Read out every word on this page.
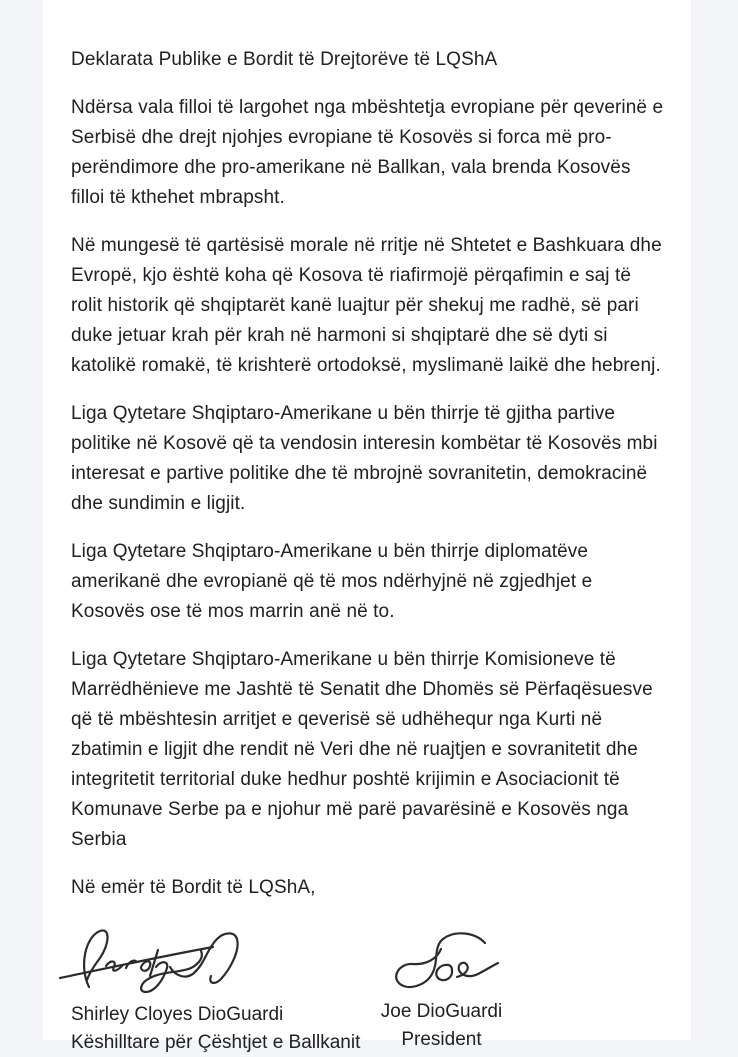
Deklarata Publike e Bordit të Drejtorëve të LQShA

Ndërsa vala filloi të largohet nga mbështetja evropiane për qeverinë e Serbisë dhe drejt njohjes evropiane të Kosovës si forca më pro-perëndimore dhe pro-amerikane në Ballkan, vala brenda Kosovës filloi të kthehet mbrapsht.

Në mungesë të qartësisë morale në rritje në Shtetet e Bashkuara dhe Evropë, kjo është koha që Kosova të riafirmojë përqafimin e saj të rolit historik që shqiptarët kanë luajtur për shekuj me radhë, së pari duke jetuar krah për krah në harmoni si shqiptarë dhe së dyti si katolikë romakë, të krishterë ortodoksë, myslimanë laikë dhe hebrenj.

Liga Qytetare Shqiptaro-Amerikane u bën thirrje të gjitha partive politike në Kosovë që ta vendosin interesin kombëtar të Kosovës mbi interesat e partive politike dhe të mbrojnë sovranitetin, demokracinë dhe sundimin e ligjit.

Liga Qytetare Shqiptaro-Amerikane u bën thirrje diplomatëve amerikanë dhe evropianë që të mos ndërhyjnë në zgjedhjet e Kosovës ose të mos marrin anë në to.

Liga Qytetare Shqiptaro-Amerikane u bën thirrje Komisioneve të Marrëdhënieve me Jashtë të Senatit dhe Dhomës së Përfaqësuesve që të mbështesin arritjet e qeverisë së udhëhequr nga Kurti në zbatimin e ligjit dhe rendit në Veri dhe në ruajtjen e sovranitetit dhe integritetit territorial duke hedhur poshtë krijimin e Asociacionit të Komunave Serbe pa e njohur më parë pavarësinë e Kosovës nga Serbia

Në emër të Bordit të LQShA,

Shirley Cloyes DioGuardi
Këshilltare për Çështjet e Ballkanit
Joe DioGuardi
President
